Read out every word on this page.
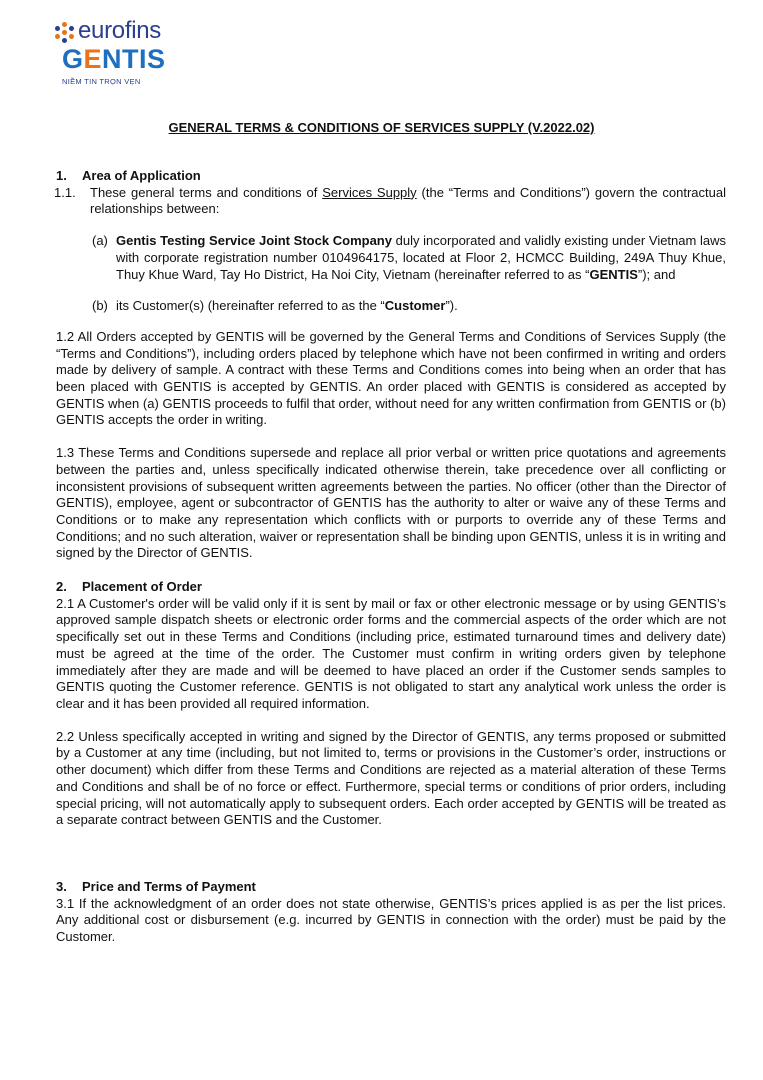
eurofins
GENTIS
NIỀM TIN TRỌN VẸN
GENERAL TERMS & CONDITIONS OF SERVICES SUPPLY (V.2022.02)
1.	Area of Application
1.1.	These general terms and conditions of Services Supply (the “Terms and Conditions”) govern the contractual relationships between:
(a) Gentis Testing Service Joint Stock Company duly incorporated and validly existing under Vietnam laws with corporate registration number 0104964175, located at Floor 2, HCMCC Building, 249A Thuy Khue, Thuy Khue Ward, Tay Ho District, Ha Noi City, Vietnam (hereinafter referred to as “GENTIS”); and
(b) its Customer(s) (hereinafter referred to as the “Customer”).

1.2 All Orders accepted by GENTIS will be governed by the General Terms and Conditions of Services Supply (the “Terms and Conditions”), including orders placed by telephone which have not been confirmed in writing and orders made by delivery of sample. A contract with these Terms and Conditions comes into being when an order that has been placed with GENTIS is accepted by GENTIS. An order placed with GENTIS is considered as accepted by GENTIS when (a) GENTIS proceeds to fulfil that order, without need for any written confirmation from GENTIS or (b) GENTIS accepts the order in writing.

1.3 These Terms and Conditions supersede and replace all prior verbal or written price quotations and agreements between the parties and, unless specifically indicated otherwise therein, take precedence over all conflicting or inconsistent provisions of subsequent written agreements between the parties. No officer (other than the Director of GENTIS), employee, agent or subcontractor of GENTIS has the authority to alter or waive any of these Terms and Conditions or to make any representation which conflicts with or purports to override any of these Terms and Conditions; and no such alteration, waiver or representation shall be binding upon GENTIS, unless it is in writing and signed by the Director of GENTIS.

2.	Placement of Order

2.1 A Customer's order will be valid only if it is sent by mail or fax or other electronic message or by using GENTIS’s approved sample dispatch sheets or electronic order forms and the commercial aspects of the order which are not specifically set out in these Terms and Conditions (including price, estimated turnaround times and delivery date) must be agreed at the time of the order. The Customer must confirm in writing orders given by telephone immediately after they are made and will be deemed to have placed an order if the Customer sends samples to GENTIS quoting the Customer reference. GENTIS is not obligated to start any analytical work unless the order is clear and it has been provided all required information.

2.2 Unless specifically accepted in writing and signed by the Director of GENTIS, any terms proposed or submitted by a Customer at any time (including, but not limited to, terms or provisions in the Customer’s order, instructions or other document) which differ from these Terms and Conditions are rejected as a material alteration of these Terms and Conditions and shall be of no force or effect. Furthermore, special terms or conditions of prior orders, including special pricing, will not automatically apply to subsequent orders. Each order accepted by GENTIS will be treated as a separate contract between GENTIS and the Customer.

3.	Price and Terms of Payment

3.1 If the acknowledgment of an order does not state otherwise, GENTIS’s prices applied is as per the list prices. Any additional cost or disbursement (e.g. incurred by GENTIS in connection with the order) must be paid by the Customer.
